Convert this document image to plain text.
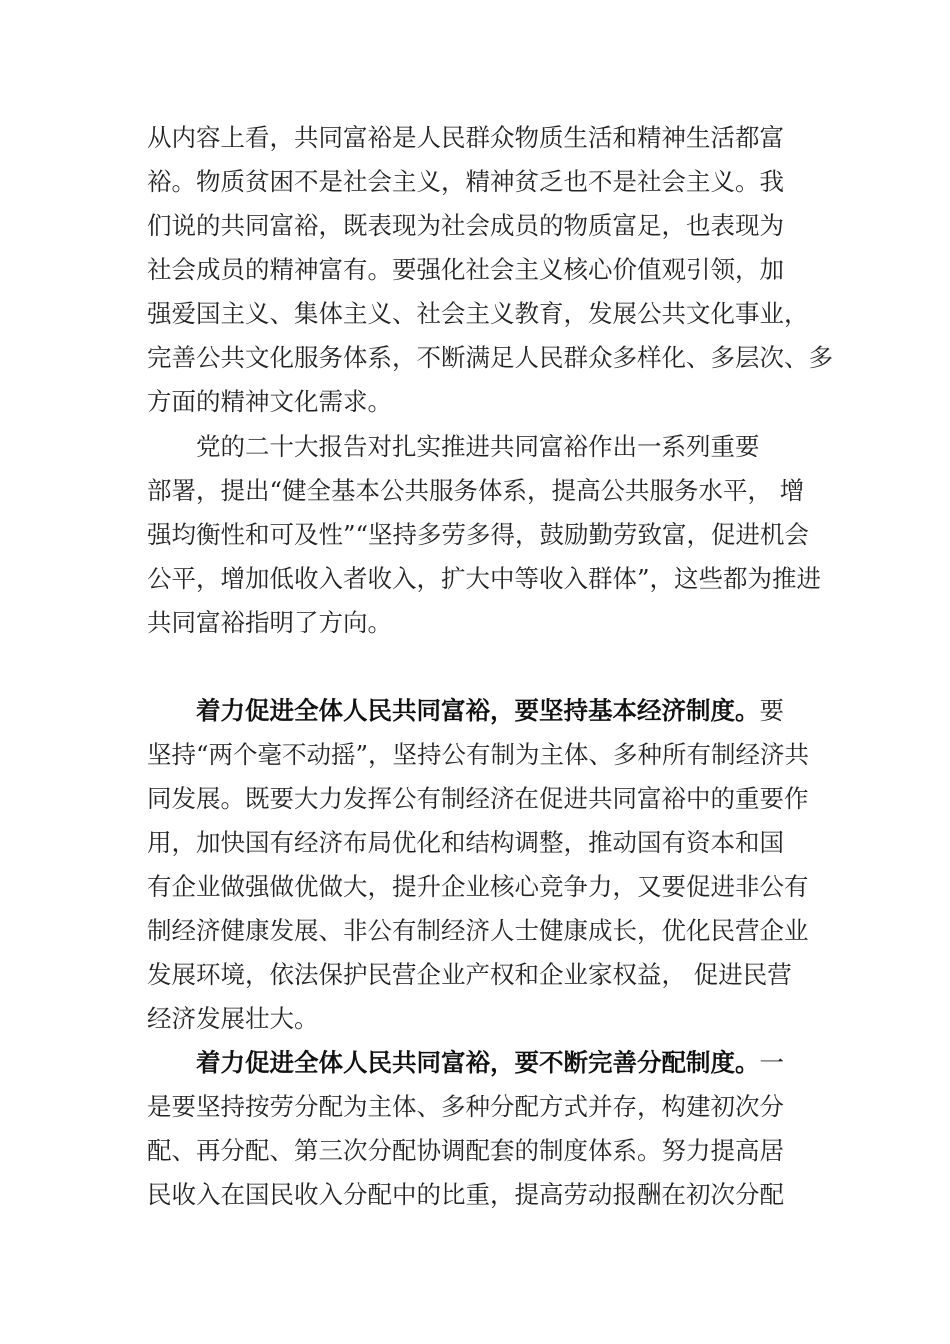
从内容上看，共同富裕是人民群众物质生活和精神生活都富
裕。物质贫困不是社会主义，精神贫乏也不是社会主义。我
们说的共同富裕，既表现为社会成员的物质富足，也表现为
社会成员的精神富有。要强化社会主义核心价值观引领，加
强爱国主义、集体主义、社会主义教育，发展公共文化事业，
完善公共文化服务体系，不断满足人民群众多样化、多层次、多
方面的精神文化需求。
党的二十大报告对扎实推进共同富裕作出一系列重要
部署，提出“健全基本公共服务体系，提高公共服务水平， 增
强均衡性和可及性”“坚持多劳多得，鼓励勤劳致富，促进机会
公平，增加低收入者收入，扩大中等收入群体”，这些都为推进
共同富裕指明了方向。
着力促进全体人民共同富裕，要坚持基本经济制度。要
坚持“两个毫不动摇”，坚持公有制为主体、多种所有制经济共
同发展。既要大力发挥公有制经济在促进共同富裕中的重要作
用，加快国有经济布局优化和结构调整，推动国有资本和国
有企业做强做优做大，提升企业核心竞争力，又要促进非公有
制经济健康发展、非公有制经济人士健康成长，优化民营企业
发展环境，依法保护民营企业产权和企业家权益， 促进民营
经济发展壮大。
着力促进全体人民共同富裕，要不断完善分配制度。一
是要坚持按劳分配为主体、多种分配方式并存，构建初次分
配、再分配、第三次分配协调配套的制度体系。努力提高居
民收入在国民收入分配中的比重，提高劳动报酬在初次分配
